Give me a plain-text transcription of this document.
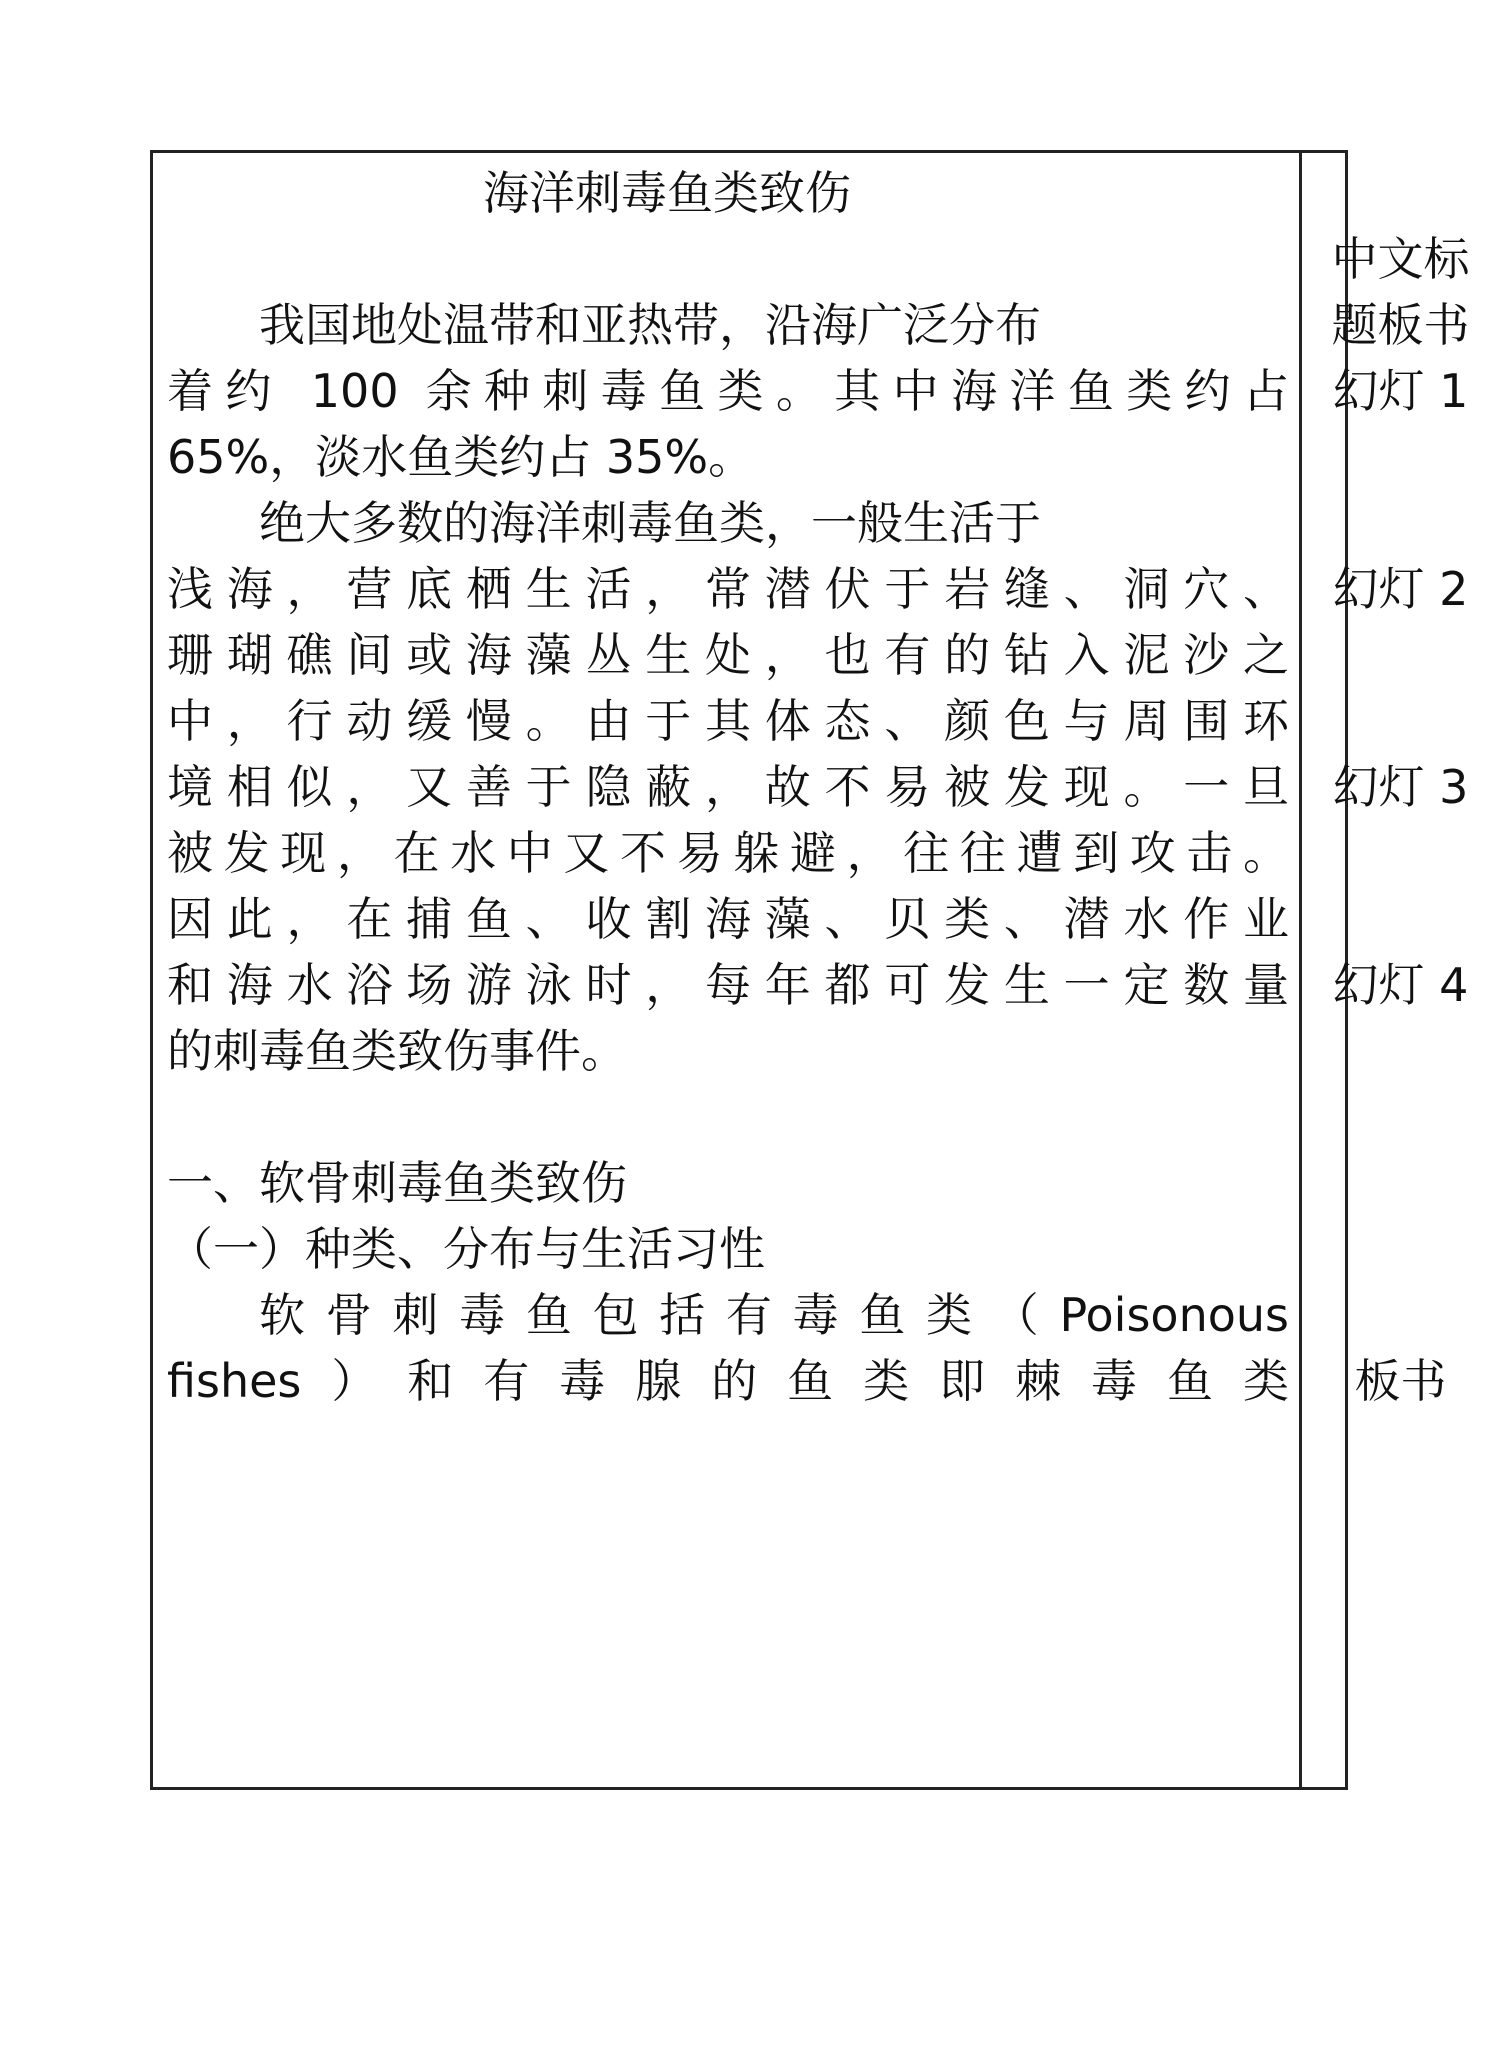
海洋刺毒鱼类致伤
我国地处温带和亚热带，沿海广泛分布
着约 100 余种刺毒鱼类。其中海洋鱼类约占
65%，淡水鱼类约占 35%。
绝大多数的海洋刺毒鱼类，一般生活于
浅海，营底栖生活，常潜伏于岩缝、洞穴、
珊瑚礁间或海藻丛生处，也有的钻入泥沙之
中，行动缓慢。由于其体态、颜色与周围环
境相似，又善于隐蔽，故不易被发现。一旦
被发现，在水中又不易躲避，往往遭到攻击。
因此，在捕鱼、收割海藻、贝类、潜水作业
和海水浴场游泳时，每年都可发生一定数量
的刺毒鱼类致伤事件。
一、软骨刺毒鱼类致伤
（一）种类、分布与生活习性
软骨刺毒鱼包括有毒鱼类（Poisonous
fishes）和有毒腺的鱼类即棘毒鱼类
中文标
题板书
幻灯 1
幻灯 2
幻灯 3
幻灯 4
板书
